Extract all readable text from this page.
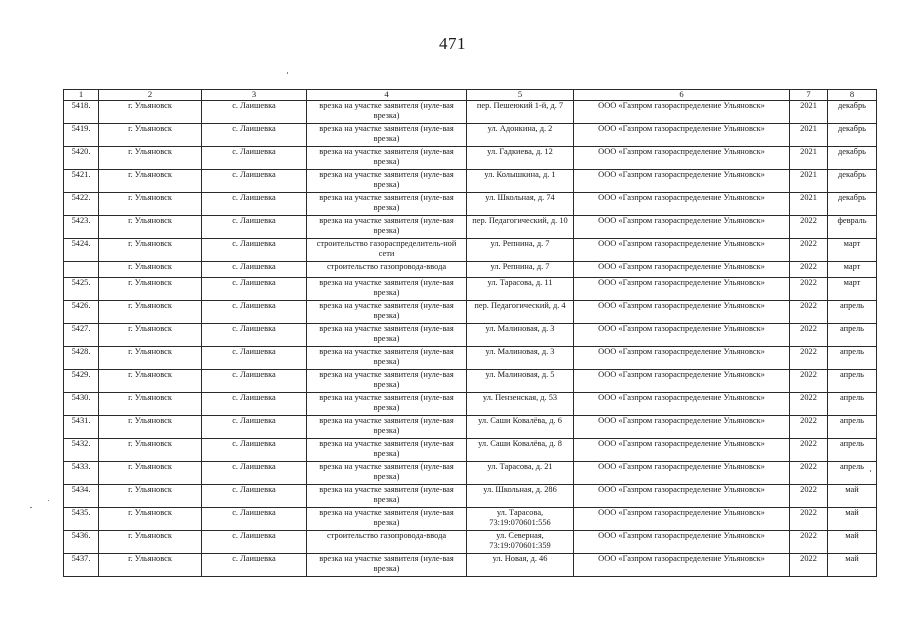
471
1	2	3	4	5	6	7	8
5418.	г. Ульяновск	с. Лаишевка	врезка на участке заявителя (нуле-вая врезка)	пер. Пешеюкий 1-й, д. 7	ООО «Газпром газораспределение Ульяновск»	2021	декабрь
5419.	г. Ульяновск	с. Лаишевка	врезка на участке заявителя (нуле-вая врезка)	ул. Адонкина, д. 2	ООО «Газпром газораспределение Ульяновск»	2021	декабрь
5420.	г. Ульяновск	с. Лаишевка	врезка на участке заявителя (нуле-вая врезка)	ул. Гадкиева, д. 12	ООО «Газпром газораспределение Ульяновск»	2021	декабрь
5421.	г. Ульяновск	с. Лаишевка	врезка на участке заявителя (нуле-вая врезка)	ул. Колышкина, д. 1	ООО «Газпром газораспределение Ульяновск»	2021	декабрь
5422.	г. Ульяновск	с. Лаишевка	врезка на участке заявителя (нуле-вая врезка)	ул. Школьная, д. 74	ООО «Газпром газораспределение Ульяновск»	2021	декабрь
5423.	г. Ульяновск	с. Лаишевка	врезка на участке заявителя (нуле-вая врезка)	пер. Педагогический, д. 10	ООО «Газпром газораспределение Ульяновск»	2022	февраль
5424.	г. Ульяновск	с. Лаишевка	строительство газораспределитель-ной сети	ул. Репнина, д. 7	ООО «Газпром газораспределение Ульяновск»	2022	март
	г. Ульяновск	с. Лаишевка	строительство газопровода-ввода	ул. Репнина, д. 7	ООО «Газпром газораспределение Ульяновск»	2022	март
5425.	г. Ульяновск	с. Лаишевка	врезка на участке заявителя (нуле-вая врезка)	ул. Тарасова, д. 11	ООО «Газпром газораспределение Ульяновск»	2022	март
5426.	г. Ульяновск	с. Лаишевка	врезка на участке заявителя (нуле-вая врезка)	пер. Педагогический, д. 4	ООО «Газпром газораспределение Ульяновск»	2022	апрель
5427.	г. Ульяновск	с. Лаишевка	врезка на участке заявителя (нуле-вая врезка)	ул. Малиновая, д. 3	ООО «Газпром газораспределение Ульяновск»	2022	апрель
5428.	г. Ульяновск	с. Лаишевка	врезка на участке заявителя (нуле-вая врезка)	ул. Малиновая, д. 3	ООО «Газпром газораспределение Ульяновск»	2022	апрель
5429.	г. Ульяновск	с. Лаишевка	врезка на участке заявителя (нуле-вая врезка)	ул. Малиновая, д. 5	ООО «Газпром газораспределение Ульяновск»	2022	апрель
5430.	г. Ульяновск	с. Лаишевка	врезка на участке заявителя (нуле-вая врезка)	ул. Пензенская, д. 53	ООО «Газпром газораспределение Ульяновск»	2022	апрель
5431.	г. Ульяновск	с. Лаишевка	врезка на участке заявителя (нуле-вая врезка)	ул. Саши Ковалёва, д. 6	ООО «Газпром газораспределение Ульяновск»	2022	апрель
5432.	г. Ульяновск	с. Лаишевка	врезка на участке заявителя (нуле-вая врезка)	ул. Саши Ковалёва, д. 8	ООО «Газпром газораспределение Ульяновск»	2022	апрель
5433.	г. Ульяновск	с. Лаишевка	врезка на участке заявителя (нуле-вая врезка)	ул. Тарасова, д. 21	ООО «Газпром газораспределение Ульяновск»	2022	апрель
5434.	г. Ульяновск	с. Лаишевка	врезка на участке заявителя (нуле-вая врезка)	ул. Школьная, д. 286	ООО «Газпром газораспределение Ульяновск»	2022	май
5435.	г. Ульяновск	с. Лаишевка	врезка на участке заявителя (нуле-вая врезка)	ул. Тарасова, 73:19:070601:556	ООО «Газпром газораспределение Ульяновск»	2022	май
5436.	г. Ульяновск	с. Лаишевка	строительство газопровода-ввода	ул. Северная, 73:19:070601:359	ООО «Газпром газораспределение Ульяновск»	2022	май
5437.	г. Ульяновск	с. Лаишевка	врезка на участке заявителя (нуле-вая врезка)	ул. Новая, д. 46	ООО «Газпром газораспределение Ульяновск»	2022	май
